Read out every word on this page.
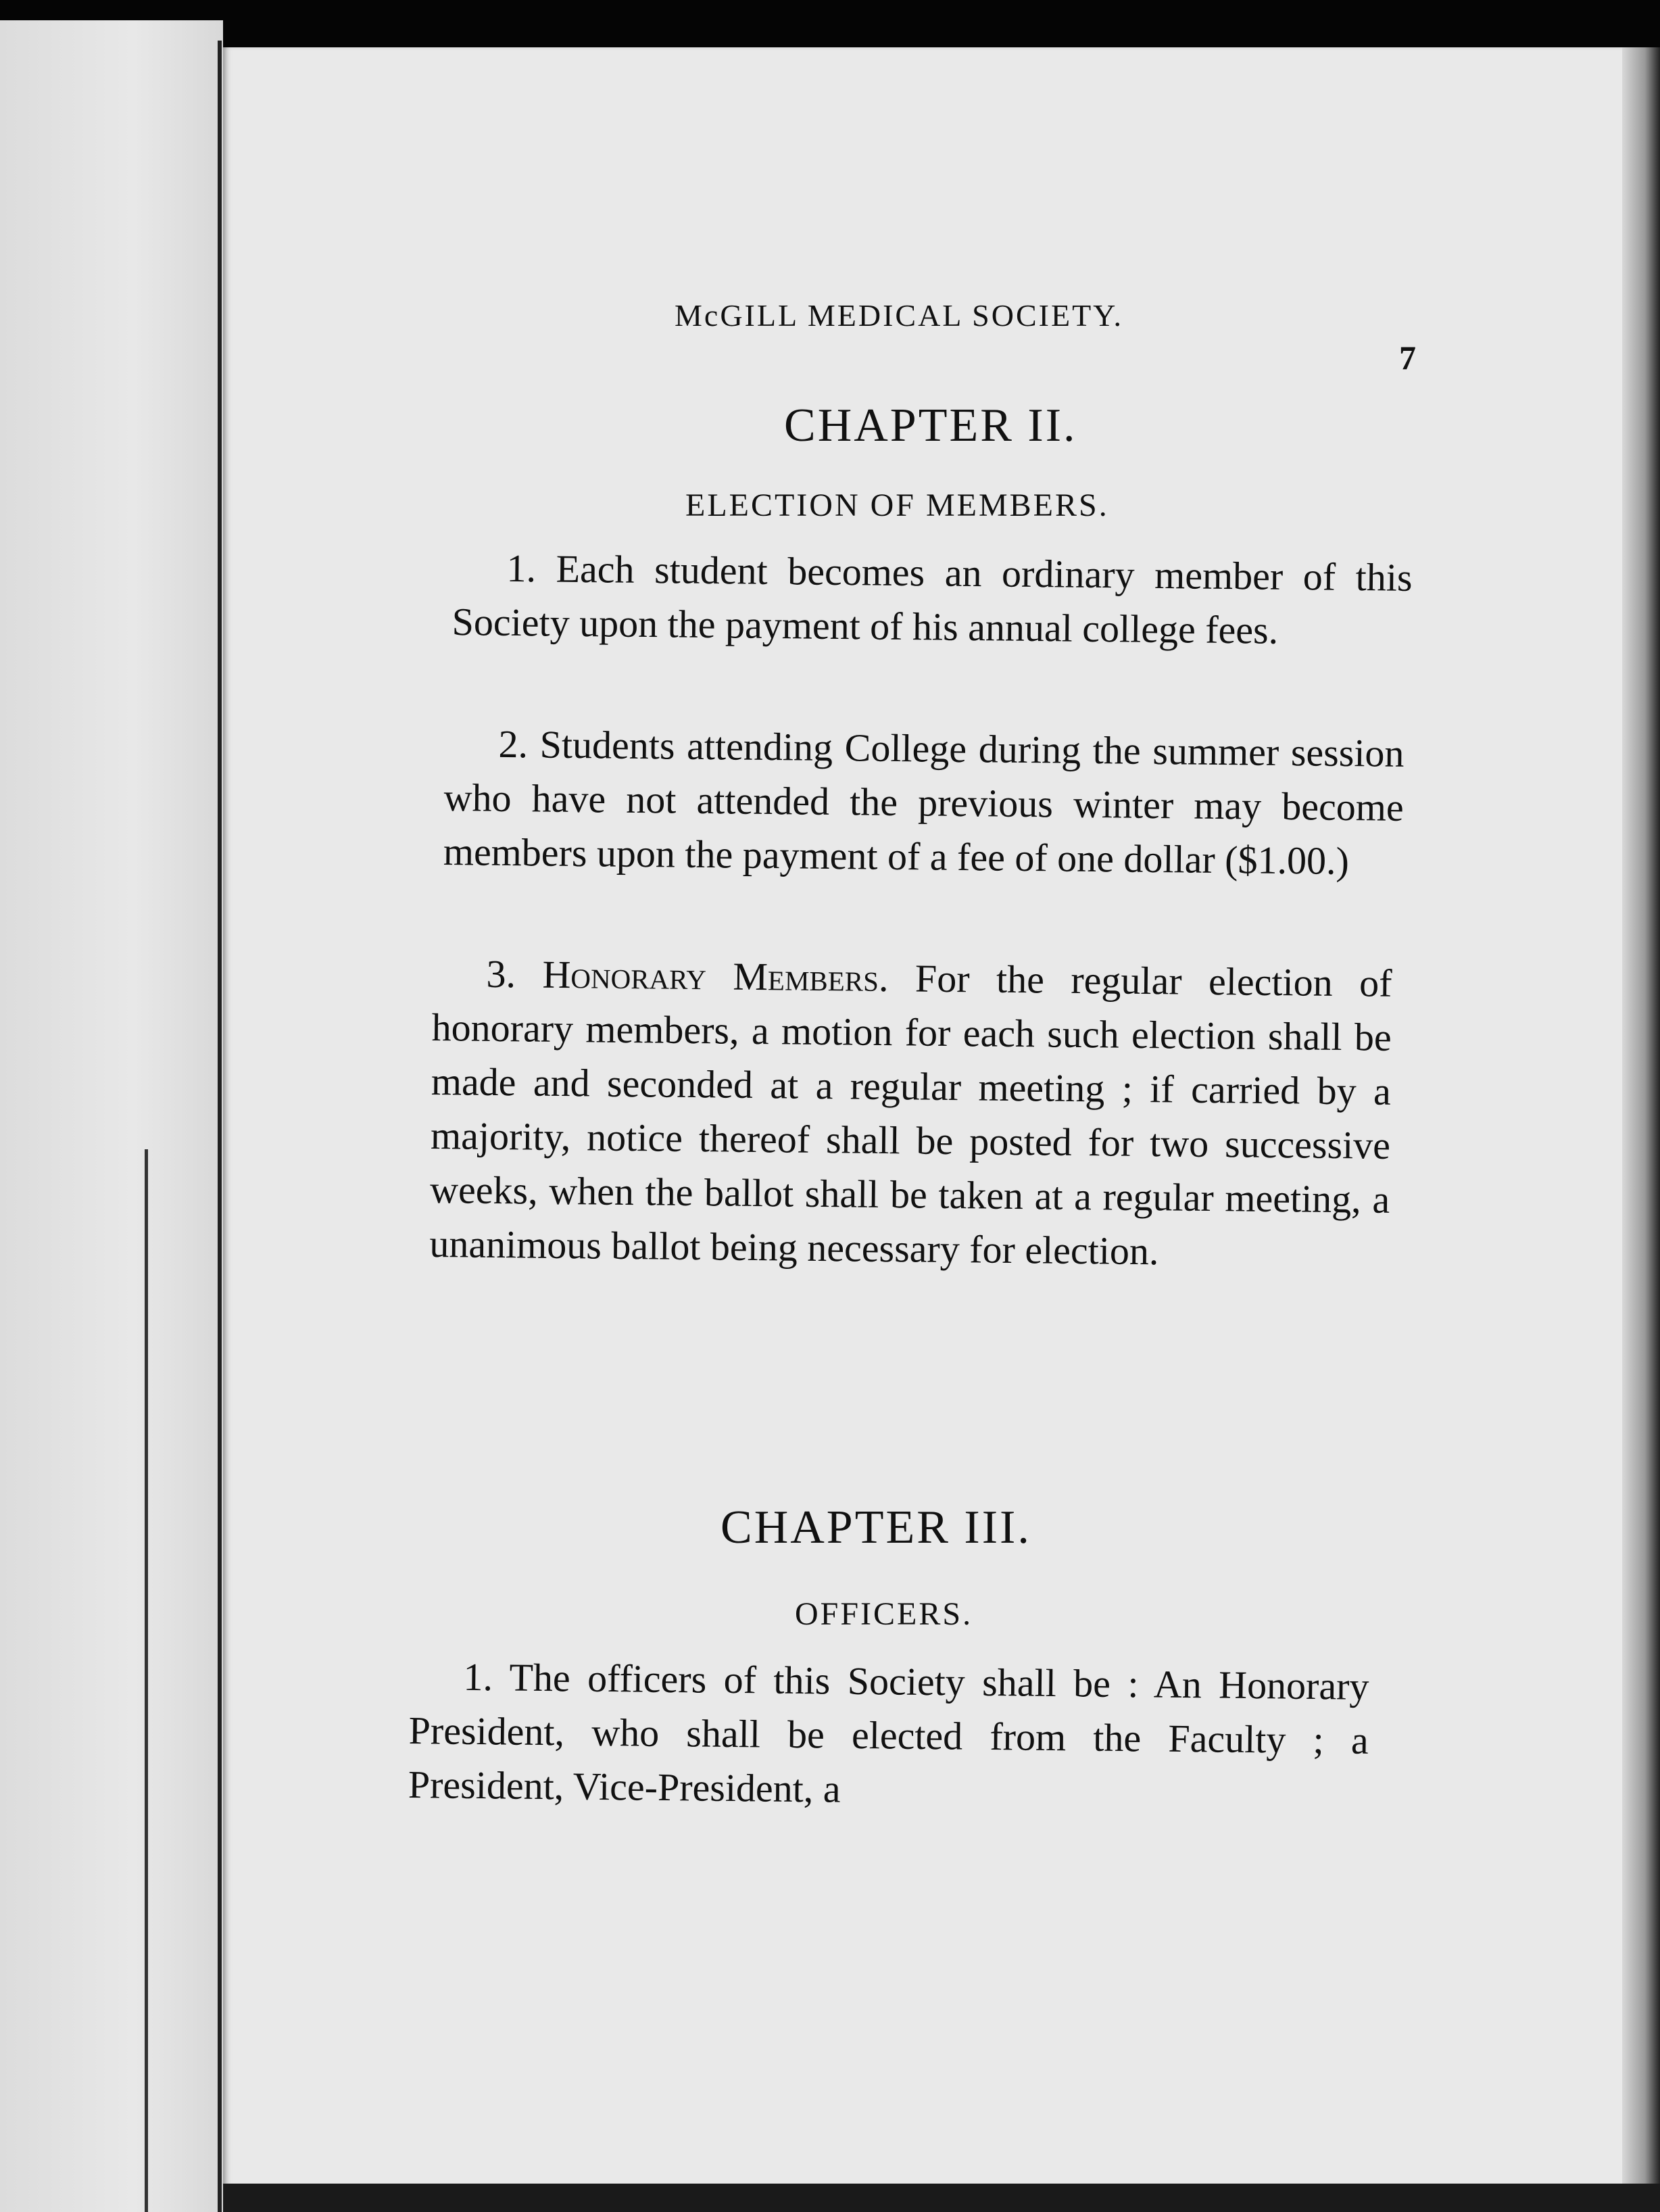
McGILL MEDICAL SOCIETY.
7
CHAPTER II.
ELECTION OF MEMBERS.
1. Each student becomes an ordinary member of this Society upon the payment of his annual college fees.
2. Students attending College during the summer session who have not attended the previous winter may become members upon the payment of a fee of one dollar ($1.00.)
3. Honorary Members. For the regular election of honorary members, a motion for each such election shall be made and seconded at a regular meeting ; if carried by a majority, notice thereof shall be posted for two successive weeks, when the ballot shall be taken at a regular meeting, a unanimous ballot being necessary for election.
CHAPTER III.
OFFICERS.
1. The officers of this Society shall be : An Honorary President, who shall be elected from the Faculty ; a President, Vice-President, a
